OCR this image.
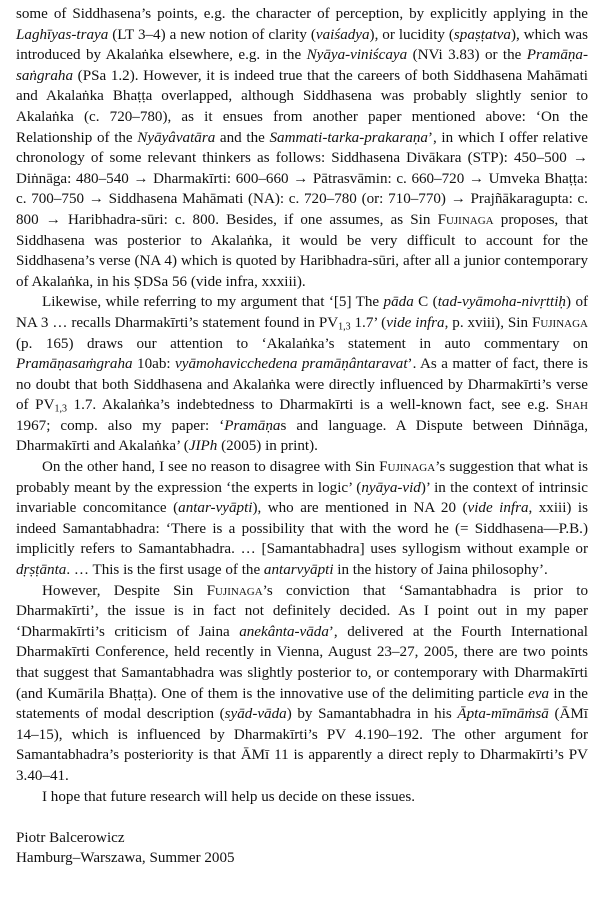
some of Siddhasena’s points, e.g. the character of perception, by explicitly applying in the Laghīyas-traya (LT 3–4) a new notion of clarity (vaiśadya), or lucidity (spaṣṭatva), which was introduced by Akalaṅka elsewhere, e.g. in the Nyāya-viniścaya (NVi 3.83) or the Pramāṇa-saṅgraha (PSa 1.2). However, it is indeed true that the careers of both Siddhasena Mahāmati and Akalaṅka Bhaṭṭa overlapped, although Siddhasena was probably slightly senior to Akalaṅka (c. 720–780), as it ensues from another paper mentioned above: ‘On the Relationship of the Nyāyâvatāra and the Sammati-tarka-prakaraṇa’, in which I offer relative chronology of some relevant thinkers as follows: Siddhasena Divākara (STP): 450–500 → Diṅnāga: 480–540 → Dharmakīrti: 600–660 → Pātrasvāmin: c. 660–720 → Umveka Bhaṭṭa: c. 700–750 → Siddhasena Mahāmati (NA): c. 720–780 (or: 710–770) → Prajñākaragupta: c. 800 → Haribhadra-sūri: c. 800. Besides, if one assumes, as Sin Fujinaga proposes, that Siddhasena was posterior to Akalaṅka, it would be very difficult to account for the Siddhasena’s verse (NA 4) which is quoted by Haribhadra-sūri, after all a junior contemporary of Akalaṅka, in his ṢDSa 56 (vide infra, xxxiii).

Likewise, while referring to my argument that ‘[5] The pāda C (tad-vyāmoha-nivṛttiḥ) of NA 3 … recalls Dharmakīrti’s statement found in $PV_{1,3}$ 1.7’ (vide infra, p. xviii), Sin Fujinaga (p. 165) draws our attention to ‘Akalaṅka’s statement in auto commentary on Pramāṇasaṁgraha 10ab: vyāmohavicchedena pramāṇântaravat’. As a matter of fact, there is no doubt that both Siddhasena and Akalaṅka were directly influenced by Dharmakīrti’s verse of $PV_{1,3}$ 1.7. Akalaṅka’s indebtedness to Dharmakīrti is a well-known fact, see e.g. Shah 1967; comp. also my paper: ‘Pramāṇas and language. A Dispute between Diṅnāga, Dharmakīrti and Akalaṅka’ (JIPh (2005) in print).

On the other hand, I see no reason to disagree with Sin Fujinaga’s suggestion that what is probably meant by the expression ‘the experts in logic’ (nyāya-vid)’ in the context of intrinsic invariable concomitance (antar-vyāpti), who are mentioned in NA 20 (vide infra, xxiii) is indeed Samantabhadra: ‘There is a possibility that with the word he (= Siddhasena—P.B.) implicitly refers to Samantabhadra. … [Samantabhadra] uses syllogism without example or dṛṣṭānta. … This is the first usage of the antarvyāpti in the history of Jaina philosophy’.

However, Despite Sin Fujinaga’s conviction that ‘Samantabhadra is prior to Dharmakīrti’, the issue is in fact not definitely decided. As I point out in my paper ‘Dharmakīrti’s criticism of Jaina anekânta-vāda’, delivered at the Fourth International Dharmakīrti Conference, held recently in Vienna, August 23–27, 2005, there are two points that suggest that Samantabhadra was slightly posterior to, or contemporary with Dharmakīrti (and Kumārila Bhaṭṭa). One of them is the innovative use of the delimiting particle eva in the statements of modal description (syād-vāda) by Samantabhadra in his Āpta-mīmāṁsā (ĀMī 14–15), which is influenced by Dharmakīrti’s PV 4.190–192. The other argument for Samantabhadra’s posteriority is that ĀMī 11 is apparently a direct reply to Dharmakīrti’s PV 3.40–41.

I hope that future research will help us decide on these issues.

Piotr Balcerowicz
Hamburg–Warszawa, Summer 2005
